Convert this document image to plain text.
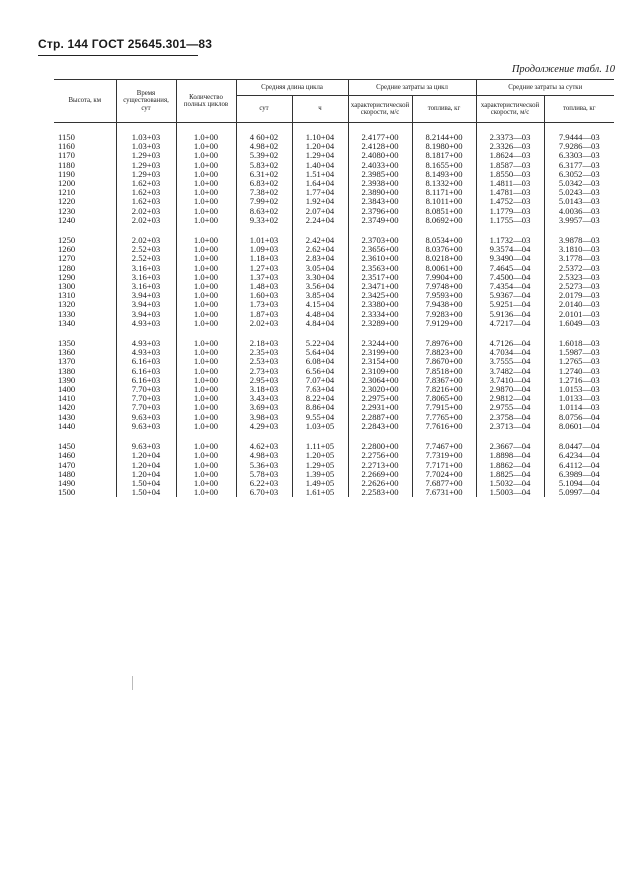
Стр. 144 ГОСТ 25645.301—83
Продолжение табл. 10
Высота, км	Время существования, сут	Количество полных циклов	Средняя длина цикла		Средние затраты за цикл		Средние затраты за сутки	
			сут	ч	характеристической скорости, м/с	топлива, кг	характеристической скорости, м/с	топлива, кг

1150	1.03+03	1.0+00	4 60+02	1.10+04	2.4177+00	8.2144+00	2.3373—03	7.9444—03
1160	1.03+03	1.0+00	4.98+02	1.20+04	2.4128+00	8.1980+00	2.3326—03	7.9286—03
1170	1.29+03	1.0+00	5.39+02	1.29+04	2.4080+00	8.1817+00	1.8624—03	6.3303—03
1180	1.29+03	1.0+00	5.83+02	1.40+04	2.4033+00	8.1655+00	1.8587—03	6.3177—03
1190	1.29+03	1.0+00	6.31+02	1.51+04	2.3985+00	8.1493+00	1.8550—03	6.3052—03
1200	1.62+03	1.0+00	6.83+02	1.64+04	2.3938+00	8.1332+00	1.4811—03	5.0342—03
1210	1.62+03	1.0+00	7.38+02	1.77+04	2.3890+00	8.1171+00	1.4781—03	5.0243—03
1220	1.62+03	1.0+00	7.99+02	1.92+04	2.3843+00	8.1011+00	1.4752—03	5.0143—03
1230	2.02+03	1.0+00	8.63+02	2.07+04	2.3796+00	8.0851+00	1.1779—03	4.0036—03
1240	2.02+03	1.0+00	9.33+02	2.24+04	2.3749+00	8.0692+00	1.1755—03	3.9957—03

1250	2.02+03	1.0+00	1.01+03	2.42+04	2.3703+00	8.0534+00	1.1732—03	3.9878—03
1260	2.52+03	1.0+00	1.09+03	2.62+04	2.3656+00	8.0376+00	9.3574—04	3.1810—03
1270	2.52+03	1.0+00	1.18+03	2.83+04	2.3610+00	8.0218+00	9.3490—04	3.1778—03
1280	3.16+03	1.0+00	1.27+03	3.05+04	2.3563+00	8.0061+00	7.4645—04	2.5372—03
1290	3.16+03	1.0+00	1.37+03	3.30+04	2.3517+00	7.9904+00	7.4500—04	2.5323—03
1300	3.16+03	1.0+00	1.48+03	3.56+04	2.3471+00	7.9748+00	7.4354—04	2.5273—03
1310	3.94+03	1.0+00	1.60+03	3.85+04	2.3425+00	7.9593+00	5.9367—04	2.0179—03
1320	3.94+03	1.0+00	1.73+03	4.15+04	2.3380+00	7.9438+00	5.9251—04	2.0140—03
1330	3.94+03	1.0+00	1.87+03	4.48+04	2.3334+00	7.9283+00	5.9136—04	2.0101—03
1340	4.93+03	1.0+00	2.02+03	4.84+04	2.3289+00	7.9129+00	4.7217—04	1.6049—03

1350	4.93+03	1.0+00	2.18+03	5.22+04	2.3244+00	7.8976+00	4.7126—04	1.6018—03
1360	4.93+03	1.0+00	2.35+03	5.64+04	2.3199+00	7.8823+00	4.7034—04	1.5987—03
1370	6.16+03	1.0+00	2.53+03	6.08+04	2.3154+00	7.8670+00	3.7555—04	1.2765—03
1380	6.16+03	1.0+00	2.73+03	6.56+04	2.3109+00	7.8518+00	3.7482—04	1.2740—03
1390	6.16+03	1.0+00	2.95+03	7.07+04	2.3064+00	7.8367+00	3.7410—04	1.2716—03
1400	7.70+03	1.0+00	3.18+03	7.63+04	2.3020+00	7.8216+00	2.9870—04	1.0153—03
1410	7.70+03	1.0+00	3.43+03	8.22+04	2.2975+00	7.8065+00	2.9812—04	1.0133—03
1420	7.70+03	1.0+00	3.69+03	8.86+04	2.2931+00	7.7915+00	2.9755—04	1.0114—03
1430	9.63+03	1.0+00	3.98+03	9.55+04	2.2887+00	7.7765+00	2.3758—04	8.0756—04
1440	9.63+03	1.0+00	4.29+03	1.03+05	2.2843+00	7.7616+00	2.3713—04	8.0601—04

1450	9.63+03	1.0+00	4.62+03	1.11+05	2.2800+00	7.7467+00	2.3667—04	8.0447—04
1460	1.20+04	1.0+00	4.98+03	1.20+05	2.2756+00	7.7319+00	1.8898—04	6.4234—04
1470	1.20+04	1.0+00	5.36+03	1.29+05	2.2713+00	7.7171+00	1.8862—04	6.4112—04
1480	1.20+04	1.0+00	5.78+03	1.39+05	2.2669+00	7.7024+00	1.8825—04	6.3989—04
1490	1.50+04	1.0+00	6.22+03	1.49+05	2.2626+00	7.6877+00	1.5032—04	5.1094—04
1500	1.50+04	1.0+00	6.70+03	1.61+05	2.2583+00	7.6731+00	1.5003—04	5.0997—04
